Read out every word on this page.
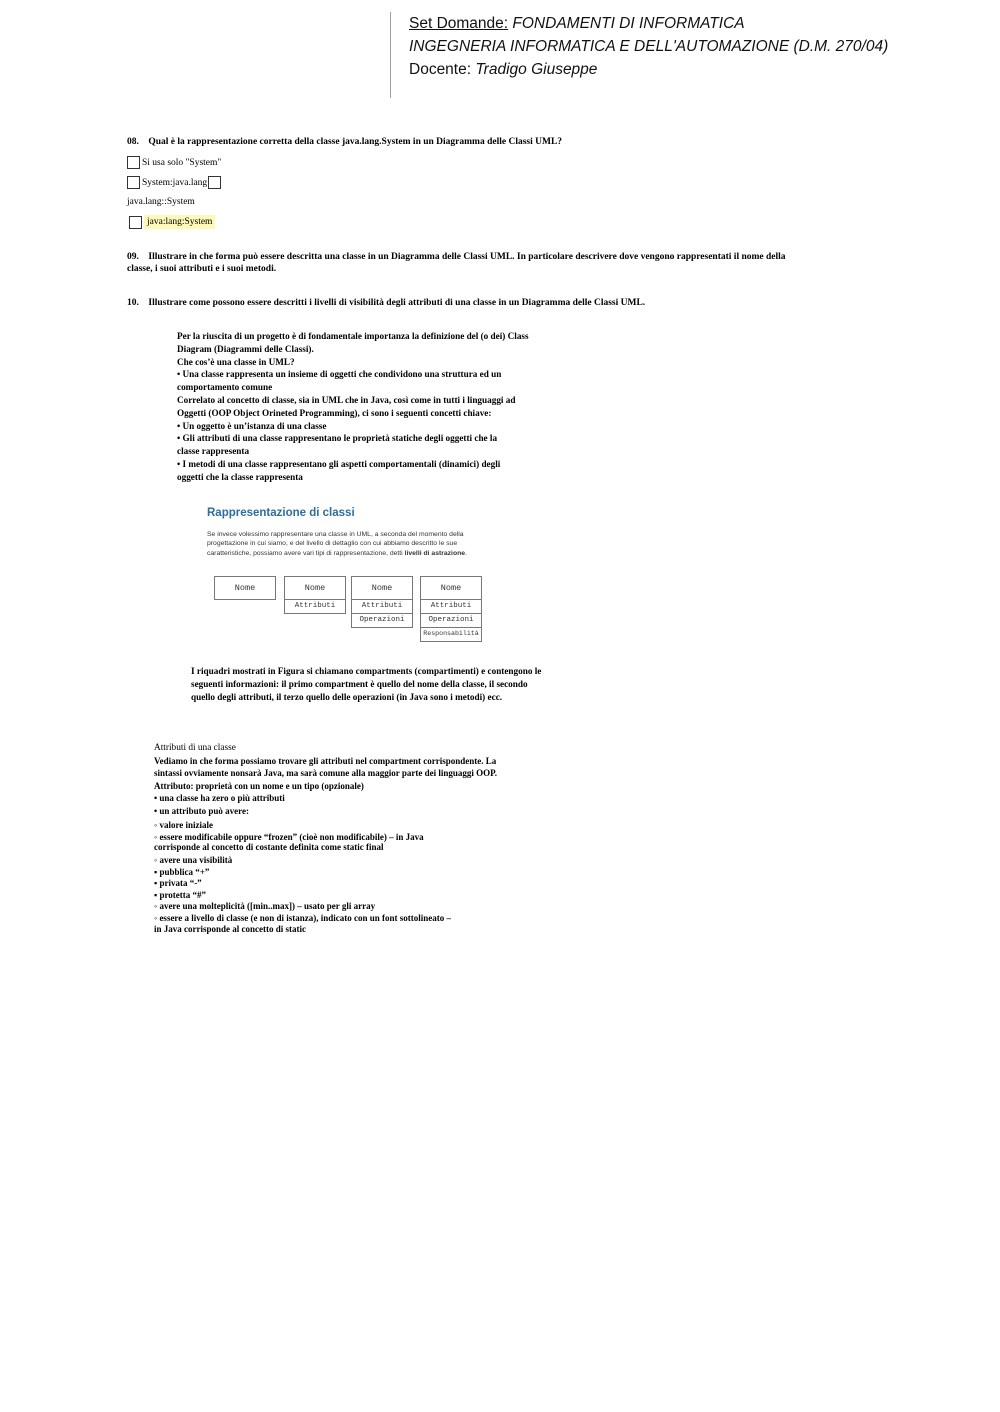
Set Domande: FONDAMENTI DI INFORMATICA
INGEGNERIA INFORMATICA E DELL'AUTOMAZIONE (D.M. 270/04)
Docente: Tradigo Giuseppe
08.    Qual è la rappresentazione corretta della classe java.lang.System in un Diagramma delle Classi UML?
Si usa solo "System"
System:java.lang
java.lang::System
java:lang:System
09.    Illustrare in che forma può essere descritta una classe in un Diagramma delle Classi UML. In particolare descrivere dove vengono rappresentati il nome della
classe, i suoi attributi e i suoi metodi.
10.    Illustrare come possono essere descritti i livelli di visibilità degli attributi di una classe in un Diagramma delle Classi UML.
Per la riuscita di un progetto è di fondamentale importanza la definizione del (o dei) Class
Diagram (Diagrammi delle Classi).
Che cos’è una classe in UML?
• Una classe rappresenta un insieme di oggetti che condividono una struttura ed un
comportamento comune
Correlato al concetto di classe, sia in UML che in Java, così come in tutti i linguaggi ad
Oggetti (OOP Object Orineted Programming), ci sono i seguenti concetti chiave:
• Un oggetto è un’istanza di una classe
• Gli attributi di una classe rappresentano le proprietà statiche degli oggetti che la
classe rappresenta
• I metodi di una classe rappresentano gli aspetti comportamentali (dinamici) degli
oggetti che la classe rappresenta
Rappresentazione di classi
Se invece volessimo rappresentare una classe in UML, a seconda del momento della
progettazione in cui siamo, e del livello di dettaglio con cui abbiamo descritto le sue
caratteristiche, possiamo avere vari tipi di rappresentazione, detti livelli di astrazione.
Nome	Nome
Attributi
Nome
Attributi
Operazioni
Nome
Attributi
Operazioni
Responsabilità
I riquadri mostrati in Figura si chiamano compartments (compartimenti) e contengono le
seguenti informazioni: il primo compartment è quello del nome della classe, il secondo
quello degli attributi, il terzo quello delle operazioni (in Java sono i metodi) ecc.
Attributi di una classe
Vediamo in che forma possiamo trovare gli attributi nel compartment corrispondente. La
sintassi ovviamente nonsarà Java, ma sarà comune alla maggior parte dei linguaggi OOP.
Attributo: proprietà con un nome e un tipo (opzionale)
• una classe ha zero o più attributi
• un attributo può avere:
◦ valore iniziale
◦ essere modificabile oppure “frozen” (cioè non modificabile) – in Java
corrisponde al concetto di costante definita come static final
◦ avere una visibilità
▪ pubblica “+”
▪ privata “-”
▪ protetta “#”
◦ avere una molteplicità ([min..max]) – usato per gli array
◦ essere a livello di classe (e non di istanza), indicato con un font sottolineato –
in Java corrisponde al concetto di static
